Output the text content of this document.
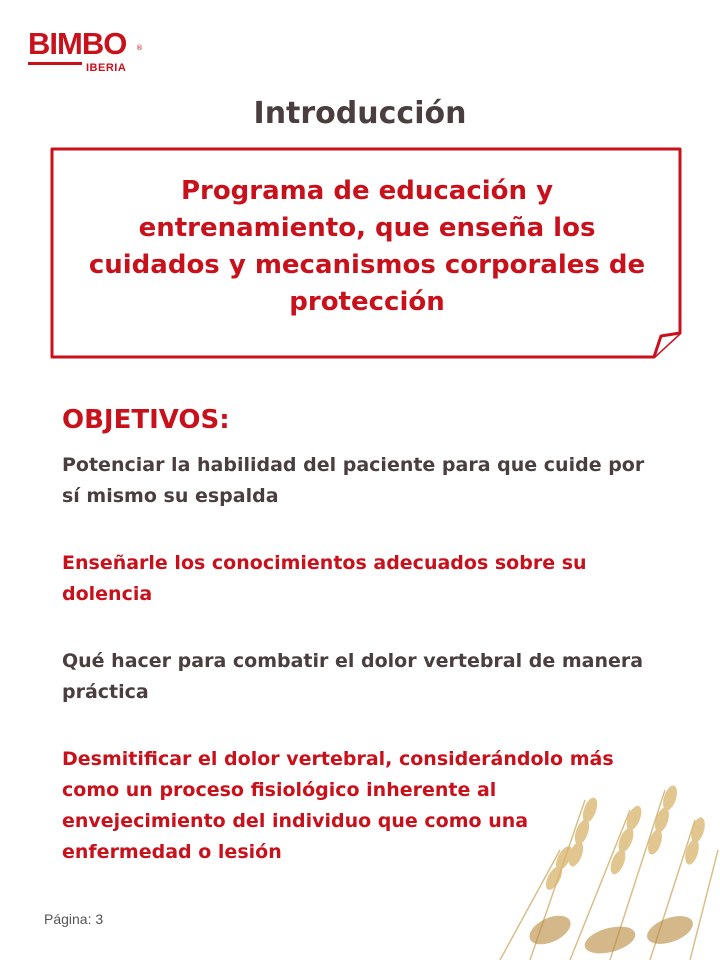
BIMBO ®
IBERIA
Introducción
Programa de educación y entrenamiento, que enseña los cuidados y mecanismos corporales de protección
OBJETIVOS:
Potenciar la habilidad del paciente para que cuide por sí mismo su espalda
Enseñarle los conocimientos adecuados sobre su dolencia
Qué hacer para combatir el dolor vertebral de manera práctica
Desmitificar el dolor vertebral, considerándolo más como un proceso fisiológico inherente al envejecimiento del individuo que como una enfermedad o lesión
Página: 3
